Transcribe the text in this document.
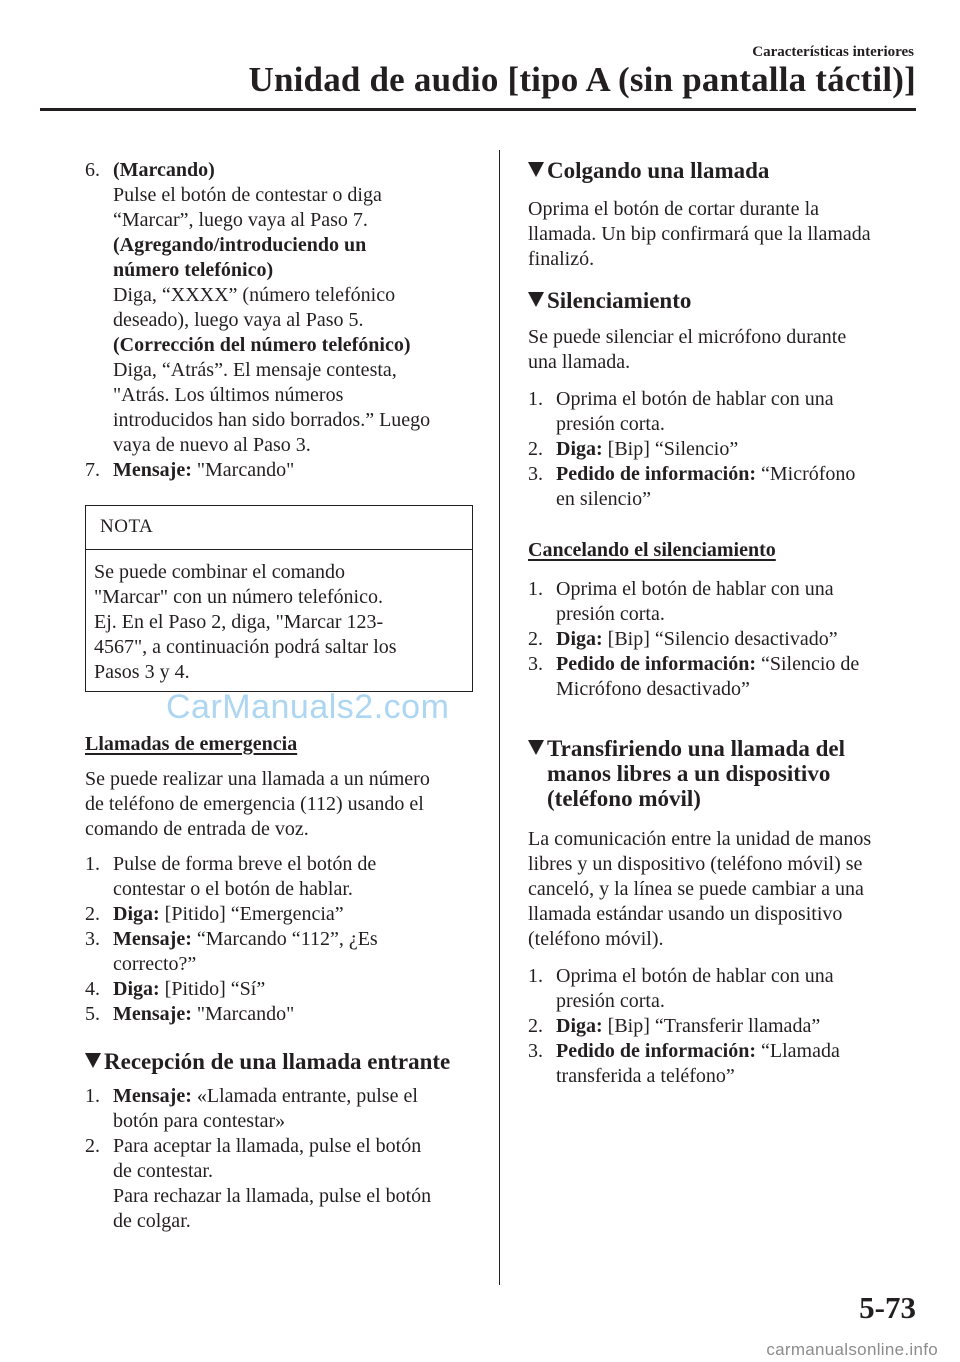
Características interiores
Unidad de audio [tipo A (sin pantalla táctil)]
6. (Marcando)
Pulse el botón de contestar o diga
“Marcar”, luego vaya al Paso 7.
(Agregando/introduciendo un
número telefónico)
Diga, “XXXX” (número telefónico
deseado), luego vaya al Paso 5.
(Corrección del número telefónico)
Diga, “Atrás”. El mensaje contesta,
"Atrás. Los últimos números
introducidos han sido borrados.” Luego
vaya de nuevo al Paso 3.
7. Mensaje: "Marcando"
NOTA
Se puede combinar el comando
"Marcar" con un número telefónico.
Ej. En el Paso 2, diga, "Marcar 123-
4567", a continuación podrá saltar los
Pasos 3 y 4.
Llamadas de emergencia
Se puede realizar una llamada a un número
de teléfono de emergencia (112) usando el
comando de entrada de voz.
1. Pulse de forma breve el botón de
contestar o el botón de hablar.
2. Diga: [Pitido] “Emergencia”
3. Mensaje: “Marcando “112”, ¿Es
correcto?”
4. Diga: [Pitido] “Sí”
5. Mensaje: "Marcando"
Recepción de una llamada entrante
1. Mensaje: «Llamada entrante, pulse el
botón para contestar»
2. Para aceptar la llamada, pulse el botón
de contestar.
Para rechazar la llamada, pulse el botón
de colgar.
CarManuals2.com
Colgando una llamada
Oprima el botón de cortar durante la
llamada. Un bip confirmará que la llamada
finalizó.
Silenciamiento
Se puede silenciar el micrófono durante
una llamada.
1. Oprima el botón de hablar con una
presión corta.
2. Diga: [Bip] “Silencio”
3. Pedido de información: “Micrófono
en silencio”
Cancelando el silenciamiento
1. Oprima el botón de hablar con una
presión corta.
2. Diga: [Bip] “Silencio desactivado”
3. Pedido de información: “Silencio de
Micrófono desactivado”
Transfiriendo una llamada del
manos libres a un dispositivo
(teléfono móvil)
La comunicación entre la unidad de manos
libres y un dispositivo (teléfono móvil) se
canceló, y la línea se puede cambiar a una
llamada estándar usando un dispositivo
(teléfono móvil).
1. Oprima el botón de hablar con una
presión corta.
2. Diga: [Bip] “Transferir llamada”
3. Pedido de información: “Llamada
transferida a teléfono”
5-73
carmanualsonline.info
